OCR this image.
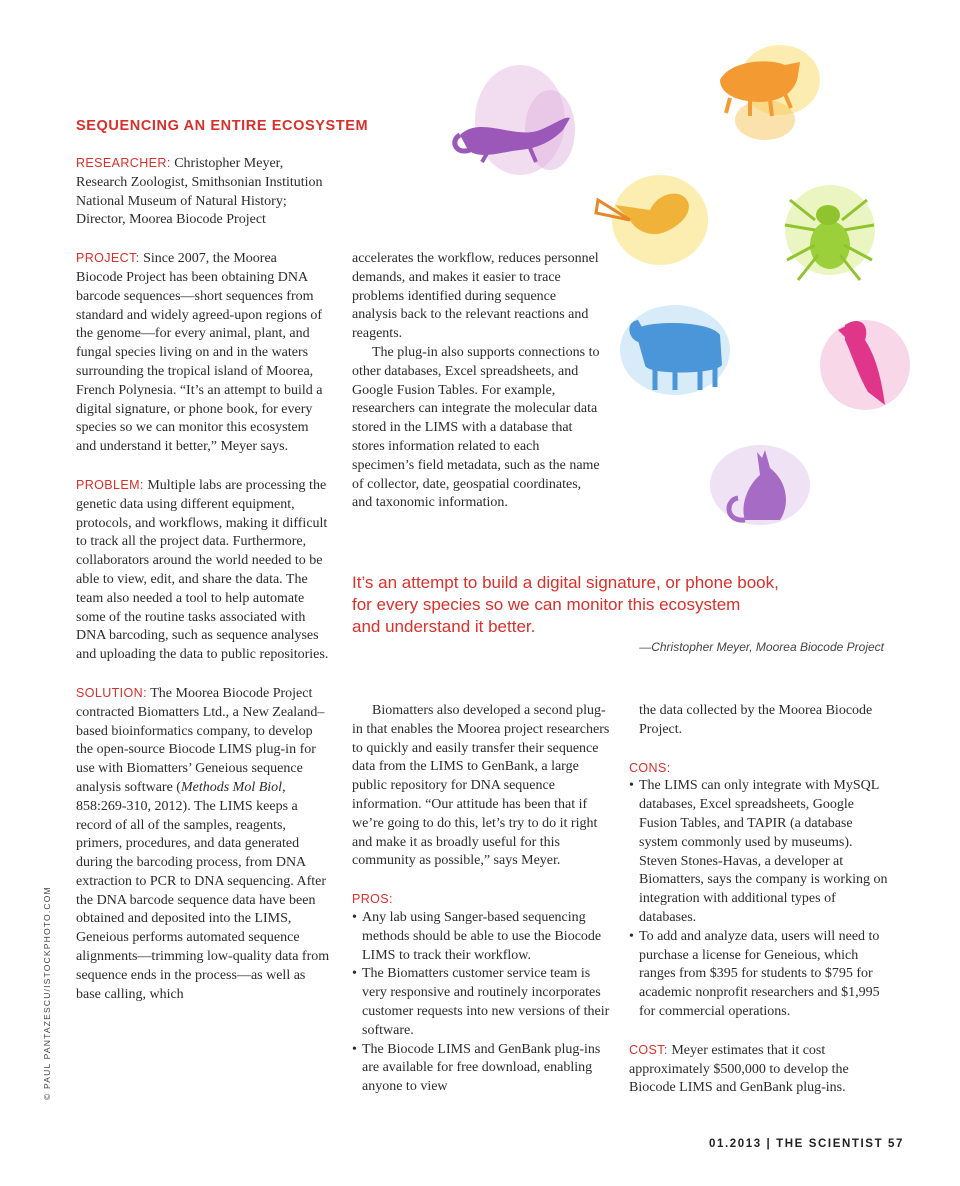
SEQUENCING AN ENTIRE ECOSYSTEM

RESEARCHER: Christopher Meyer,
Research Zoologist, Smithsonian Institution
National Museum of Natural History;
Director, Moorea Biocode Project

PROJECT: Since 2007, the Moorea Biocode Project has been obtaining DNA barcode sequences—short sequences from standard and widely agreed-upon regions of the genome—for every animal, plant, and fungal species living on and in the waters surrounding the tropical island of Moorea, French Polynesia. “It’s an attempt to build a digital signature, or phone book, for every species so we can monitor this ecosystem and understand it better,” Meyer says.

PROBLEM: Multiple labs are processing the genetic data using different equipment, protocols, and workflows, making it difficult to track all the project data. Furthermore, collaborators around the world needed to be able to view, edit, and share the data. The team also needed a tool to help automate some of the routine tasks associated with DNA barcoding, such as sequence analyses and uploading the data to public repositories.

SOLUTION: The Moorea Biocode Project contracted Biomatters Ltd., a New Zealand–based bioinformatics company, to develop the open-source Biocode LIMS plug-in for use with Biomatters’ Geneious sequence analysis software (Methods Mol Biol, 858:269-310, 2012). The LIMS keeps a record of all of the samples, reagents, primers, procedures, and data generated during the barcoding process, from DNA extraction to PCR to DNA sequencing. After the DNA barcode sequence data have been obtained and deposited into the LIMS, Geneious performs automated sequence alignments—trimming low-quality data from sequence ends in the process—as well as base calling, which

accelerates the workflow, reduces personnel demands, and makes it easier to trace problems identified during sequence analysis back to the relevant reactions and reagents.

The plug-in also supports connections to other databases, Excel spreadsheets, and Google Fusion Tables. For example, researchers can integrate the molecular data stored in the LIMS with a database that stores information related to each specimen’s field metadata, such as the name of collector, date, geospatial coordinates, and taxonomic information.

It’s an attempt to build a digital signature, or phone book,
for every species so we can monitor this ecosystem
and understand it better.
—Christopher Meyer, Moorea Biocode Project

Biomatters also developed a second plug-in that enables the Moorea project researchers to quickly and easily transfer their sequence data from the LIMS to GenBank, a large public repository for DNA sequence information. “Our attitude has been that if we’re going to do this, let’s try to do it right and make it as broadly useful for this community as possible,” says Meyer.

PROS:
• Any lab using Sanger-based sequencing methods should be able to use the Biocode LIMS to track their workflow.
• The Biomatters customer service team is very responsive and routinely incorporates customer requests into new versions of their software.
• The Biocode LIMS and GenBank plug-ins are available for free download, enabling anyone to view

the data collected by the Moorea Biocode Project.

CONS:
• The LIMS can only integrate with MySQL databases, Excel spreadsheets, Google Fusion Tables, and TAPIR (a database system commonly used by museums). Steven Stones-Havas, a developer at Biomatters, says the company is working on integration with additional types of databases.
• To add and analyze data, users will need to purchase a license for Geneious, which ranges from $395 for students to $795 for academic nonprofit researchers and $1,995 for commercial operations.

COST: Meyer estimates that it cost approximately $500,000 to develop the Biocode LIMS and GenBank plug-ins.

© PAUL PANTAZESCU/ISTOCKPHOTO.COM
01.2013 | THE SCIENTIST 57
